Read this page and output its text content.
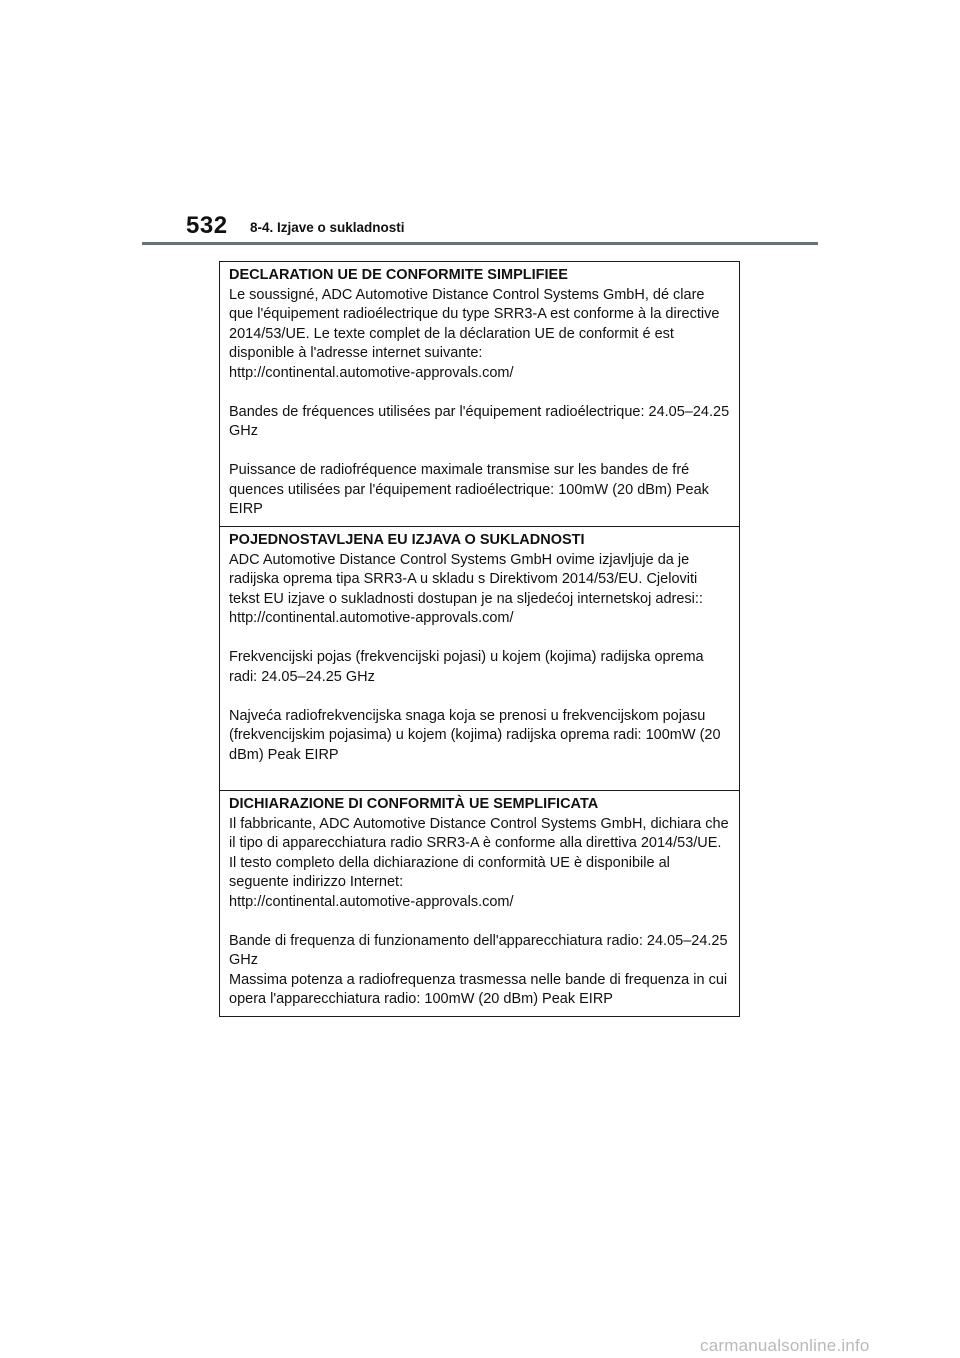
532 8-4. Izjave o sukladnosti
DECLARATION UE DE CONFORMITE SIMPLIFIEE

Le soussigné, ADC Automotive Distance Control Systems GmbH, dé clare que l'équipement radioélectrique du type SRR3-A est conforme à la directive 2014/53/UE. Le texte complet de la déclaration UE de conformit é est disponible à l'adresse internet suivante:

http://continental.automotive-approvals.com/

Bandes de fréquences utilisées par l'équipement radioélectrique: 24.05–24.25 GHz

Puissance de radiofréquence maximale transmise sur les bandes de fré quences utilisées par l'équipement radioélectrique: 100mW (20 dBm) Peak EIRP

POJEDNOSTAVLJENA EU IZJAVA O SUKLADNOSTI

ADC Automotive Distance Control Systems GmbH ovime izjavljuje da je radijska oprema tipa SRR3-A u skladu s Direktivom 2014/53/EU. Cjeloviti tekst EU izjave o sukladnosti dostupan je na sljedećoj internetskoj adresi::

http://continental.automotive-approvals.com/

Frekvencijski pojas (frekvencijski pojasi) u kojem (kojima) radijska oprema radi: 24.05–24.25 GHz

Najveća radiofrekvencijska snaga koja se prenosi u frekvencijskom pojasu (frekvencijskim pojasima) u kojem (kojima) radijska oprema radi: 100mW (20 dBm) Peak EIRP

DICHIARAZIONE DI CONFORMITÀ UE SEMPLIFICATA

Il fabbricante, ADC Automotive Distance Control Systems GmbH, dichiara che il tipo di apparecchiatura radio SRR3-A è conforme alla direttiva 2014/53/UE. Il testo completo della dichiarazione di conformità UE è disponibile al seguente indirizzo Internet:

http://continental.automotive-approvals.com/

Bande di frequenza di funzionamento dell'apparecchiatura radio: 24.05–24.25 GHz

Massima potenza a radiofrequenza trasmessa nelle bande di frequenza in cui opera l'apparecchiatura radio: 100mW (20 dBm) Peak EIRP

carmanualsonline.info
